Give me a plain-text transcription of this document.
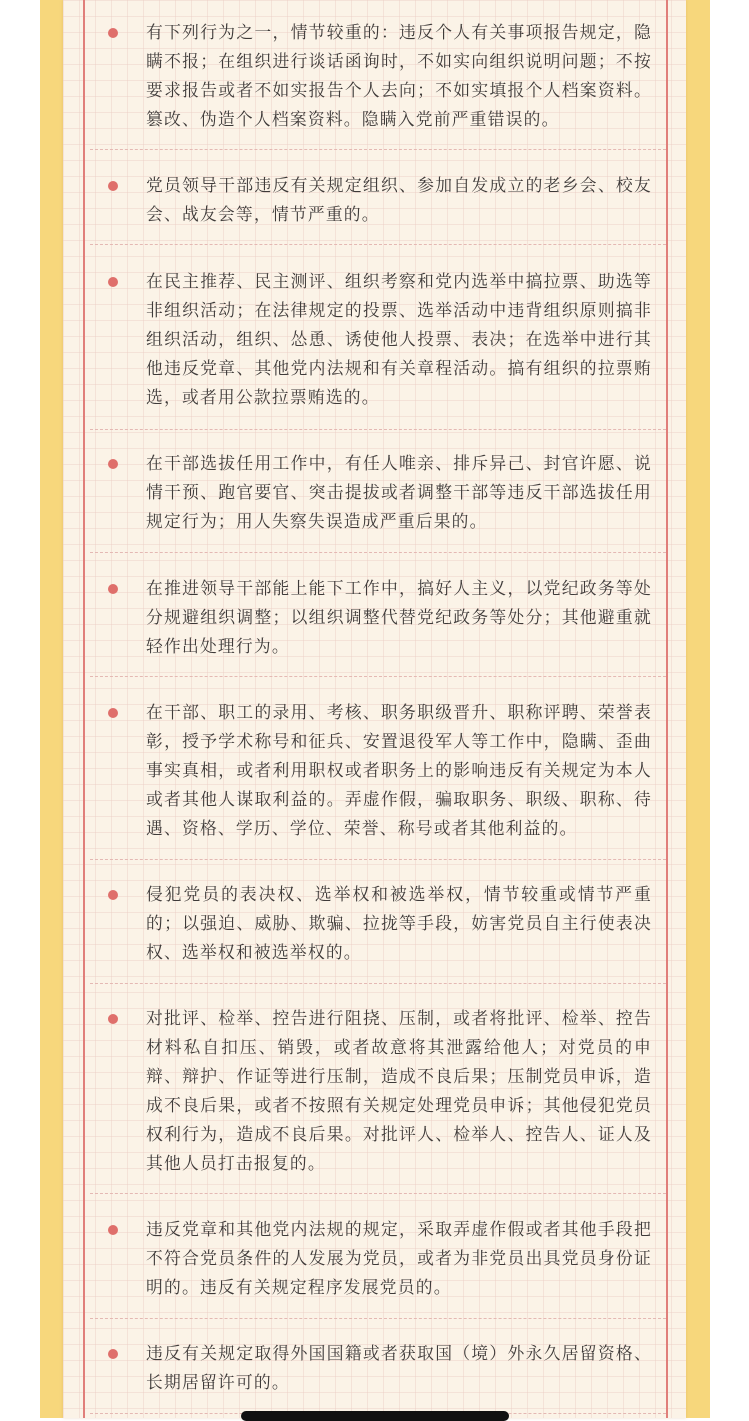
有下列行为之一，情节较重的：违反个人有关事项报告规定，隐瞒不报；在组织进行谈话函询时，不如实向组织说明问题；不按要求报告或者不如实报告个人去向；不如实填报个人档案资料。篡改、伪造个人档案资料。隐瞒入党前严重错误的。

党员领导干部违反有关规定组织、参加自发成立的老乡会、校友会、战友会等，情节严重的。

在民主推荐、民主测评、组织考察和党内选举中搞拉票、助选等非组织活动；在法律规定的投票、选举活动中违背组织原则搞非组织活动，组织、怂恿、诱使他人投票、表决；在选举中进行其他违反党章、其他党内法规和有关章程活动。搞有组织的拉票贿选，或者用公款拉票贿选的。

在干部选拔任用工作中，有任人唯亲、排斥异己、封官许愿、说情干预、跑官要官、突击提拔或者调整干部等违反干部选拔任用规定行为；用人失察失误造成严重后果的。

在推进领导干部能上能下工作中，搞好人主义，以党纪政务等处分规避组织调整；以组织调整代替党纪政务等处分；其他避重就轻作出处理行为。

在干部、职工的录用、考核、职务职级晋升、职称评聘、荣誉表彰，授予学术称号和征兵、安置退役军人等工作中，隐瞒、歪曲事实真相，或者利用职权或者职务上的影响违反有关规定为本人或者其他人谋取利益的。弄虚作假，骗取职务、职级、职称、待遇、资格、学历、学位、荣誉、称号或者其他利益的。

侵犯党员的表决权、选举权和被选举权，情节较重或情节严重的；以强迫、威胁、欺骗、拉拢等手段，妨害党员自主行使表决权、选举权和被选举权的。

对批评、检举、控告进行阻挠、压制，或者将批评、检举、控告材料私自扣压、销毁，或者故意将其泄露给他人；对党员的申辩、辩护、作证等进行压制，造成不良后果；压制党员申诉，造成不良后果，或者不按照有关规定处理党员申诉；其他侵犯党员权利行为，造成不良后果。对批评人、检举人、控告人、证人及其他人员打击报复的。

违反党章和其他党内法规的规定，采取弄虚作假或者其他手段把不符合党员条件的人发展为党员，或者为非党员出具党员身份证明的。违反有关规定程序发展党员的。

违反有关规定取得外国国籍或者获取国（境）外永久居留资格、长期居留许可的。
